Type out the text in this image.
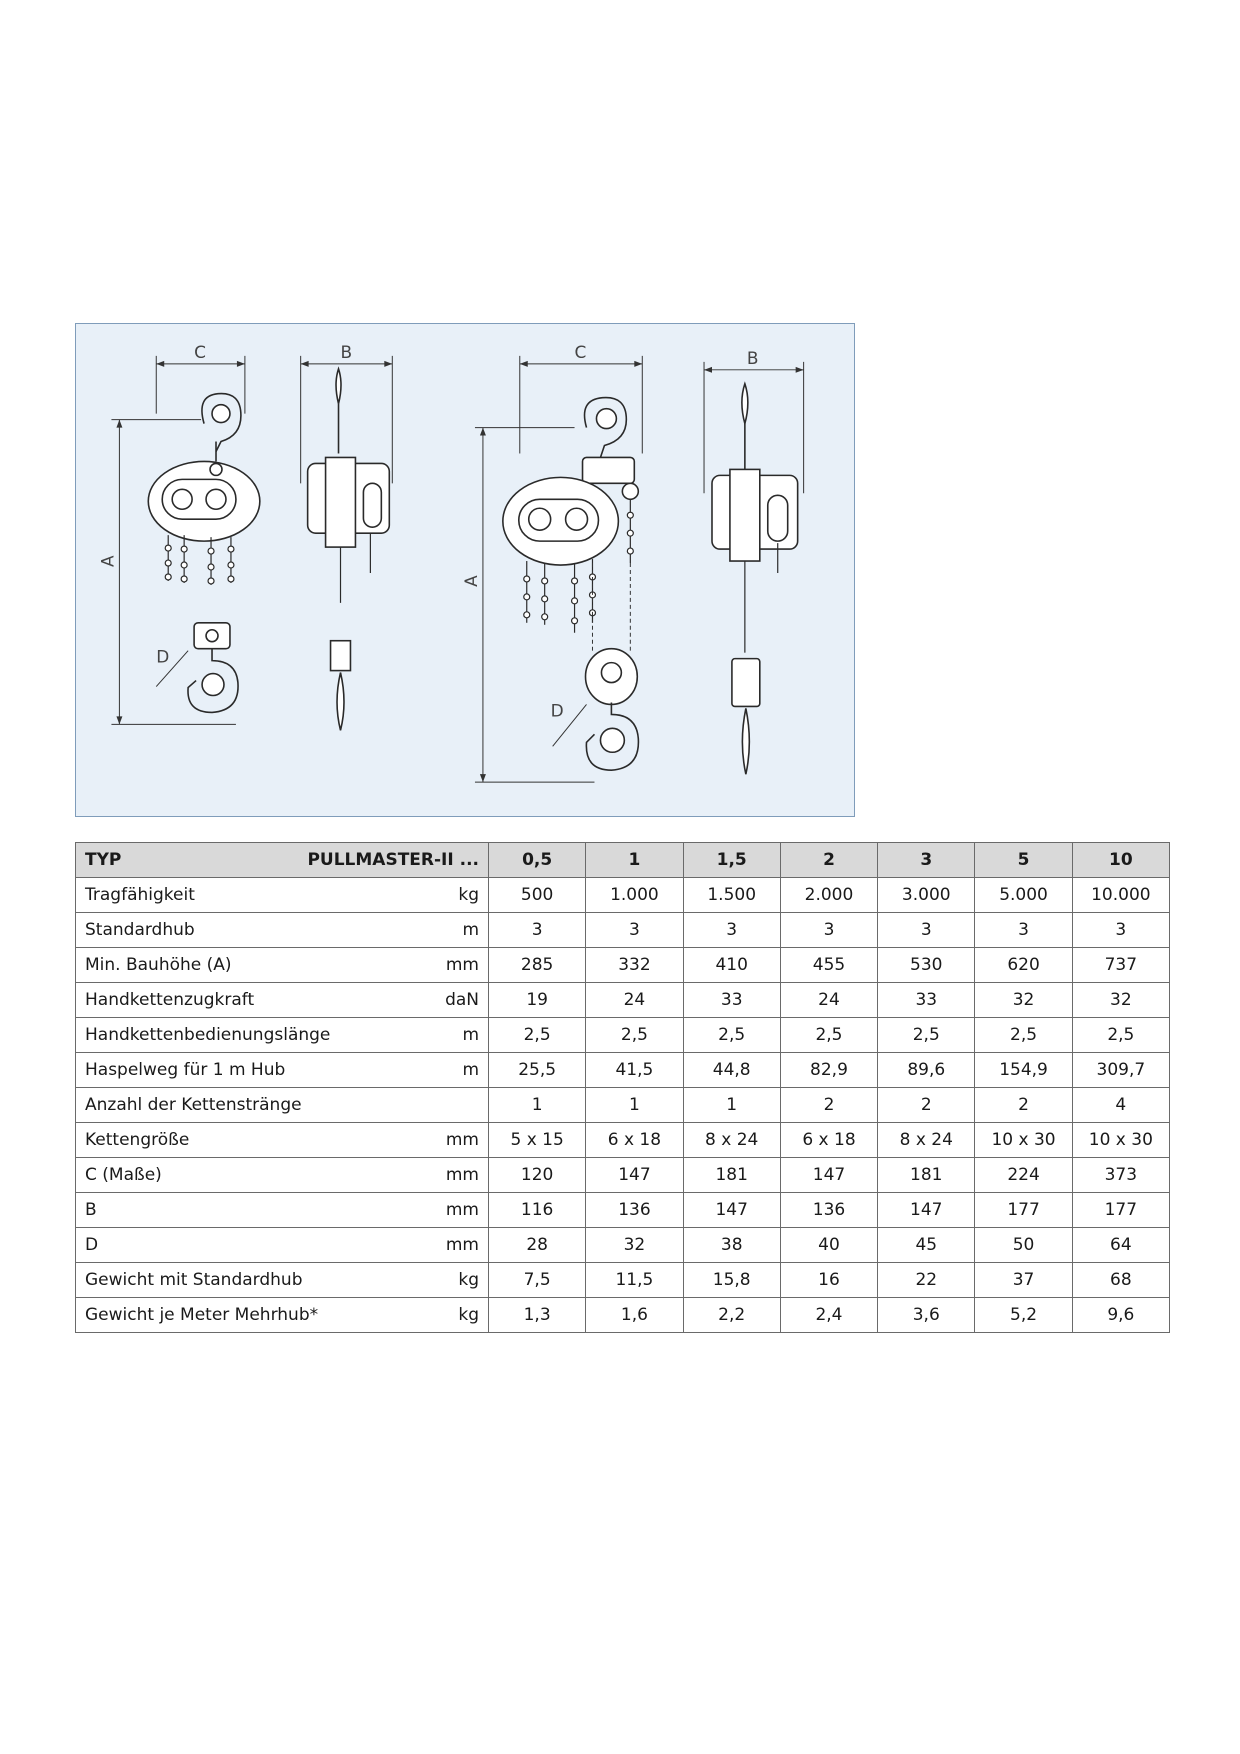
C
A
D
B	C
A
D
B
TYP PULLMASTER-II ...	0,5	1	1,5	2	3	5	10

Tragfähigkeit kg	500	1.000	1.500	2.000	3.000	5.000	10.000

Standardhub m	3	3	3	3	3	3	3

Min. Bauhöhe (A) mm	285	332	410	455	530	620	737

Handkettenzugkraft daN	19	24	33	24	33	32	32

Handkettenbedienungslänge m	2,5	2,5	2,5	2,5	2,5	2,5	2,5

Haspelweg für 1 m Hub m	25,5	41,5	44,8	82,9	89,6	154,9	309,7

Anzahl der Kettenstränge	1	1	1	2	2	2	4

Kettengröße mm	5 x 15	6 x 18	8 x 24	6 x 18	8 x 24	10 x 30	10 x 30

C (Maße) mm	120	147	181	147	181	224	373

B mm	116	136	147	136	147	177	177

D mm	28	32	38	40	45	50	64

Gewicht mit Standardhub kg	7,5	11,5	15,8	16	22	37	68

Gewicht je Meter Mehrhub* kg	1,3	1,6	2,2	2,4	3,6	5,2	9,6
